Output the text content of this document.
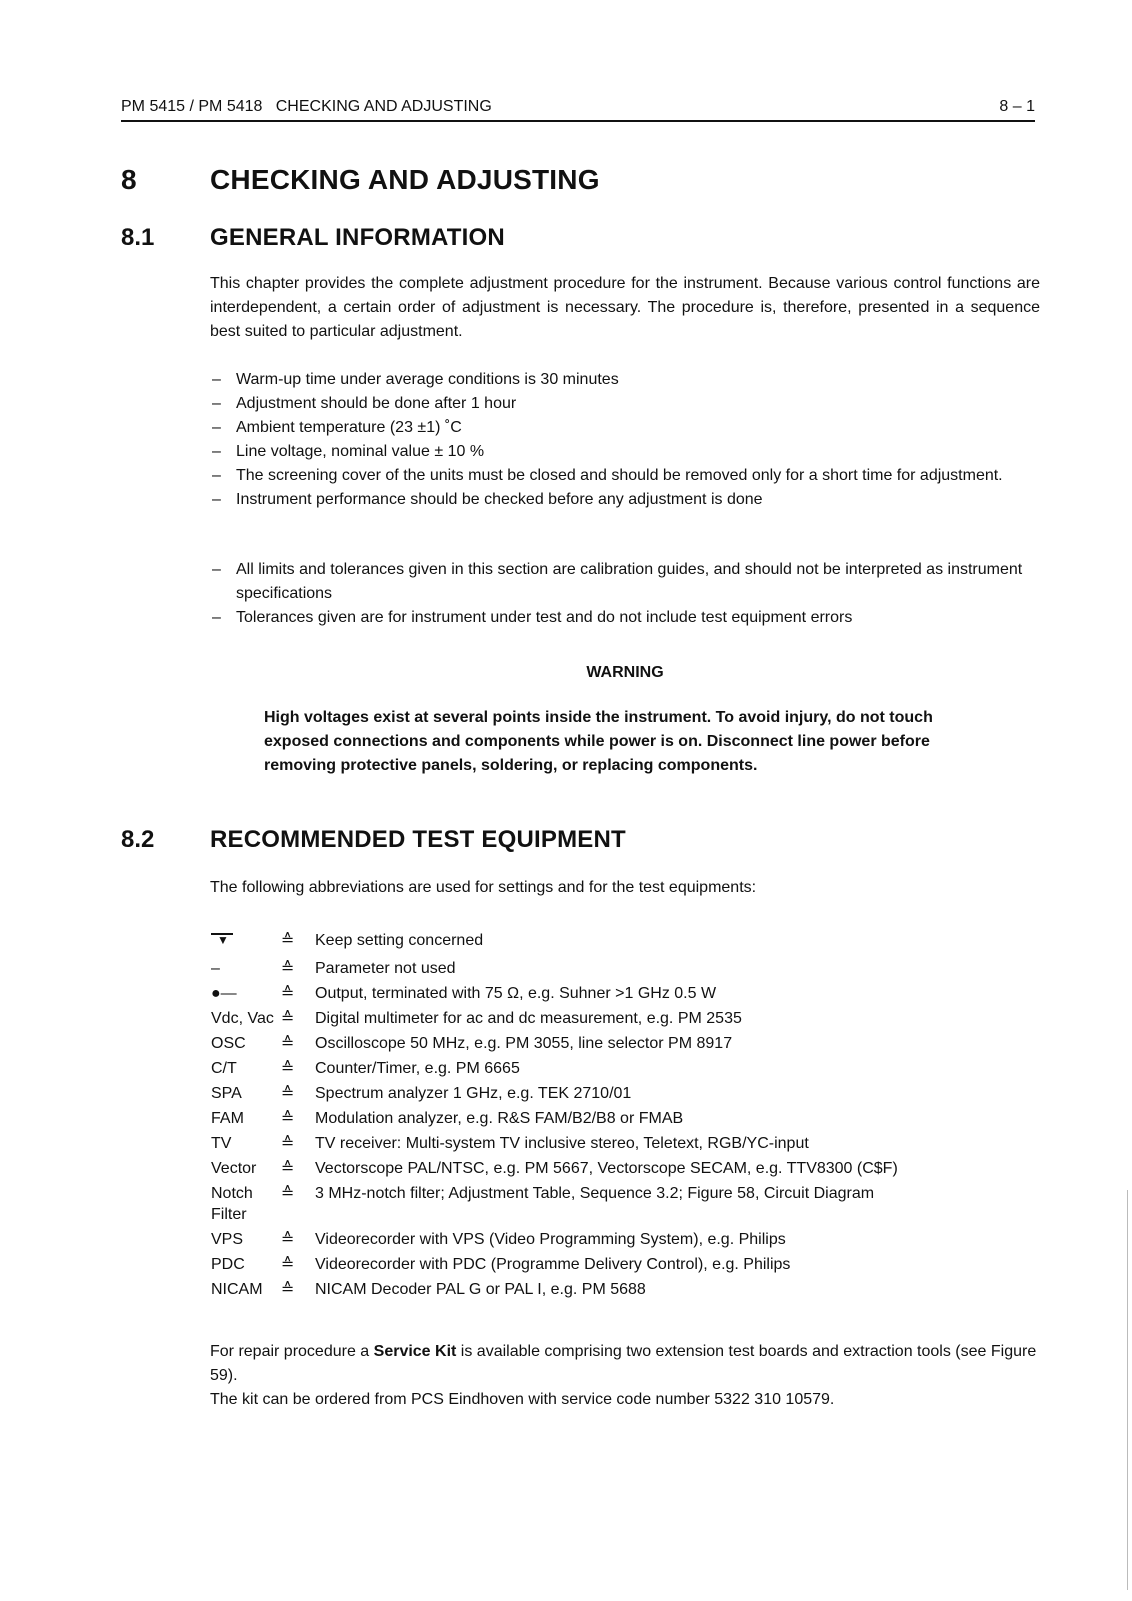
PM 5415 / PM 5418   CHECKING AND ADJUSTING	8 – 1
8	CHECKING AND ADJUSTING
8.1 GENERAL INFORMATION
This chapter provides the complete adjustment procedure for the instrument. Because various control functions are interdependent, a certain order of adjustment is necessary. The procedure is, therefore, presented in a sequence best suited to particular adjustment.
– Warm-up time under average conditions is 30 minutes
– Adjustment should be done after 1 hour
– Ambient temperature (23 ±1) ˚C
– Line voltage, nominal value ± 10 %
– The screening cover of the units must be closed and should be removed only for a short time for adjustment.
– Instrument performance should be checked before any adjustment is done
– All limits and tolerances given in this section are calibration guides, and should not be interpreted as instrument specifications
– Tolerances given are for instrument under test and do not include test equipment errors
WARNING
High voltages exist at several points inside the instrument. To avoid injury, do not touch exposed connections and components while power is on. Disconnect line power before removing protective panels, soldering, or replacing components.
8.2 RECOMMENDED TEST EQUIPMENT
The following abbreviations are used for settings and for the test equipments:
▼	≙	Keep setting concerned
–	≙	Parameter not used
●—	≙	Output, terminated with 75 Ω, e.g. Suhner >1 GHz 0.5 W
Vdc, Vac	≙	Digital multimeter for ac and dc measurement, e.g. PM 2535
OSC	≙	Oscilloscope 50 MHz, e.g. PM 3055, line selector PM 8917
C/T	≙	Counter/Timer, e.g. PM 6665
SPA	≙	Spectrum analyzer 1 GHz, e.g. TEK 2710/01
FAM	≙	Modulation analyzer, e.g. R&S FAM/B2/B8 or FMAB
TV	≙	TV receiver: Multi-system TV inclusive stereo, Teletext, RGB/YC-input
Vector	≙	Vectorscope PAL/NTSC, e.g. PM 5667, Vectorscope SECAM, e.g. TTV8300 (C$F)
Notch Filter	≙	3 MHz-notch filter; Adjustment Table, Sequence 3.2; Figure 58, Circuit Diagram
VPS	≙	Videorecorder with VPS (Video Programming System), e.g. Philips
PDC	≙	Videorecorder with PDC (Programme Delivery Control), e.g. Philips
NICAM	≙	NICAM Decoder PAL G or PAL I, e.g. PM 5688
For repair procedure a Service Kit is available comprising two extension test boards and extraction tools (see Figure 59).
The kit can be ordered from PCS Eindhoven with service code number 5322 310 10579.
